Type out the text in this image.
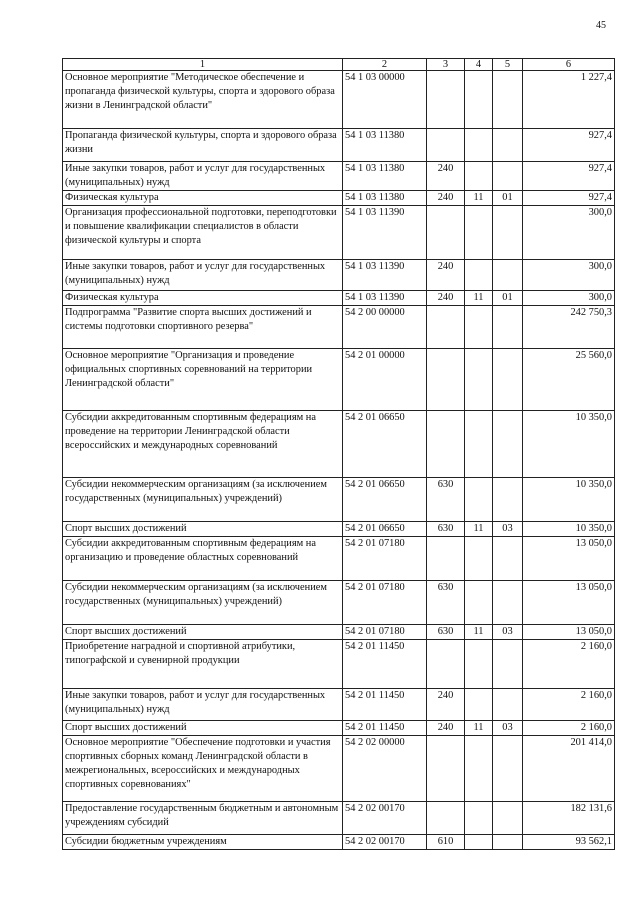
45
1	2	3	4	5	6
Основное мероприятие "Методическое обеспечение и пропаганда физической культуры, спорта и здорового образа жизни в Ленинградской области"	54 1 03 00000				1 227,4
Пропаганда физической культуры, спорта и здорового образа жизни	54 1 03 11380				927,4
Иные закупки товаров, работ и услуг для государственных (муниципальных) нужд	54 1 03 11380	240			927,4
Физическая культура	54 1 03 11380	240	11	01	927,4
Организация профессиональной подготовки, переподготовки и повышение квалификации специалистов в области физической культуры и спорта	54 1 03 11390				300,0
Иные закупки товаров, работ и услуг для государственных (муниципальных) нужд	54 1 03 11390	240			300,0
Физическая культура	54 1 03 11390	240	11	01	300,0
Подпрограмма "Развитие спорта высших достижений и системы подготовки спортивного резерва"	54 2 00 00000				242 750,3
Основное мероприятие "Организация и проведение официальных спортивных соревнований на территории Ленинградской области"	54 2 01 00000				25 560,0
Субсидии аккредитованным спортивным федерациям на проведение на территории Ленинградской области всероссийских и международных соревнований	54 2 01 06650				10 350,0
Субсидии некоммерческим организациям (за исключением государственных (муниципальных) учреждений)	54 2 01 06650	630			10 350,0
Спорт высших достижений	54 2 01 06650	630	11	03	10 350,0
Субсидии аккредитованным спортивным федерациям на организацию и проведение областных соревнований	54 2 01 07180				13 050,0
Субсидии некоммерческим организациям (за исключением государственных (муниципальных) учреждений)	54 2 01 07180	630			13 050,0
Спорт высших достижений	54 2 01 07180	630	11	03	13 050,0
Приобретение наградной и спортивной атрибутики, типографской и сувенирной продукции	54 2 01 11450				2 160,0
Иные закупки товаров, работ и услуг для государственных (муниципальных) нужд	54 2 01 11450	240			2 160,0
Спорт высших достижений	54 2 01 11450	240	11	03	2 160,0
Основное мероприятие "Обеспечение подготовки и участия спортивных сборных команд Ленинградской области в межрегиональных, всероссийских и международных спортивных соревнованиях"	54 2 02 00000				201 414,0
Предоставление государственным бюджетным и автономным учреждениям субсидий	54 2 02 00170				182 131,6
Субсидии бюджетным учреждениям	54 2 02 00170	610			93 562,1
